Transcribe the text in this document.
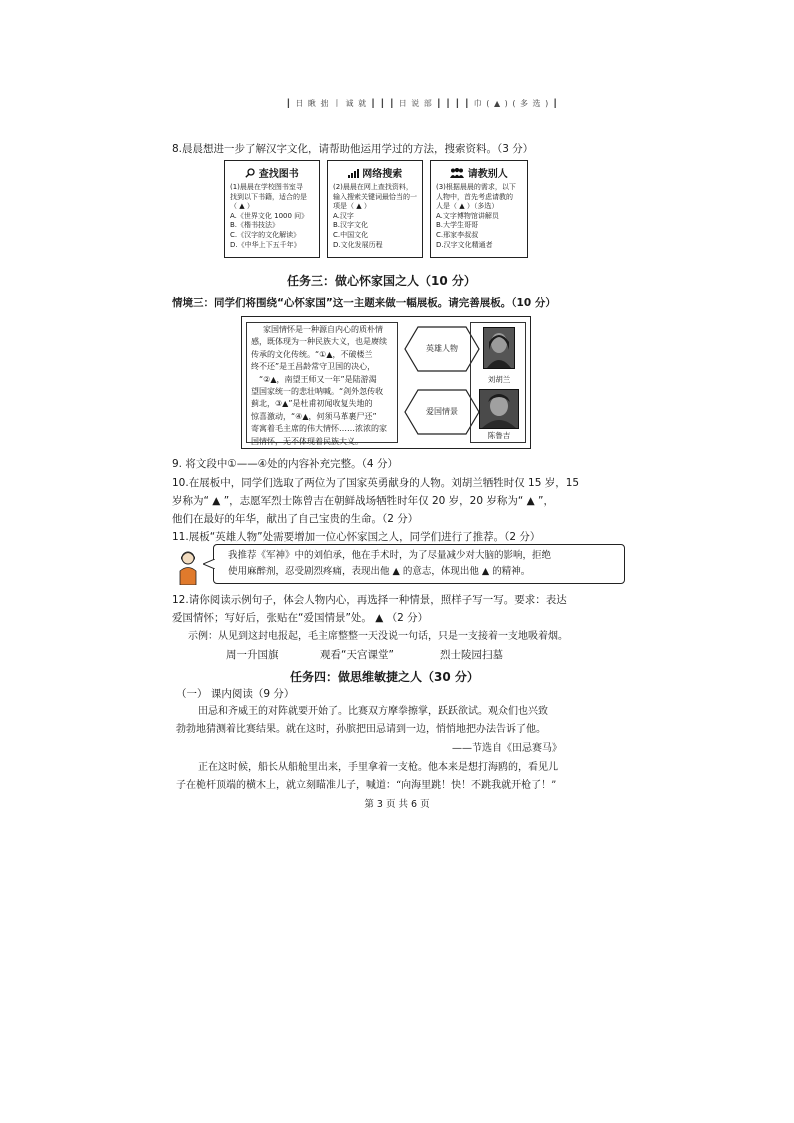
┃ 日 瞅 拙 丨 诚 就 ┃ ┃ ┃ 日 说 部 ┃ ┃ ┃ ┃ 巾 ( ▲ ) ( 多 选 ) ┃
8.晨晨想进一步了解汉字文化，请帮助他运用学过的方法，搜索资料。（3 分）
查找图书
(1)晨晨在学校图书室寻
找到以下书籍，适合的是
（ ▲ ）
A.《世界文化 1000 问》
B.《楷书技法》
C.《汉字的文化解读》
D.《中华上下五千年》
网络搜索
(2)晨晨在网上查找资料，
输入搜索关键词最恰当的一
项是（ ▲ ）
A.汉字
B.汉字文化
C.中国文化
D.文化发展历程
请教别人
(3)根据晨晨的需求，以下
人物中，首先考虑请教的
人是（ ▲ ）（多选）
A.文字博物馆讲解员
B.大学生哥哥
C.邢家李叔叔
D.汉字文化精通者
任务三：做心怀家国之人（10 分）
情境三：同学们将围绕“心怀家国”这一主题来做一幅展板。请完善展板。（10 分）
家国情怀是一种源自内心的质朴情
感，既体现为一种民族大义，也是赓续
传承的文化传统。“①▲，不破楼兰
终不还”是王昌龄常守卫国的决心，
“②▲，南望王师又一年”是陆游渴
望国家统一的悲壮呐喊。“剑外忽传收
蓟北，③▲”是杜甫初闻收复失地的
惊喜激动，“④▲，何须马革裹尸还”
寄寓着毛主席的伟大情怀……浓浓的家
国情怀，无不体现着民族大义。
英雄人物
爱国情景
刘胡兰
陈鲁吉
9. 将文段中①——④处的内容补充完整。（4 分）
10.在展板中，同学们选取了两位为了国家英勇献身的人物。刘胡兰牺牲时仅 15 岁，15
岁称为“ ▲ ”，志愿军烈士陈曾吉在朝鲜战场牺牲时年仅 20 岁，20 岁称为“ ▲ ”，
他们在最好的年华，献出了自己宝贵的生命。（2 分）
11.展板“英雄人物”处需要增加一位心怀家国之人，同学们进行了推荐。（2 分）
我推荐《军神》中的刘伯承，他在手术时，为了尽量减少对大脑的影响，拒绝
使用麻醉剂，忍受剧烈疼痛，表现出他 ▲ 的意志，体现出他 ▲ 的精神。
12.请你阅读示例句子，体会人物内心，再选择一种情景，照样子写一写。要求：表达
爱国情怀；写好后，张贴在“爱国情景”处。 ▲ （2 分）
示例：从见到这封电报起，毛主席整整一天没说一句话，只是一支接着一支地吸着烟。
周一升国旗	观看“天宫课堂”	烈士陵园扫墓
任务四：做思维敏捷之人（30 分）
（一） 课内阅读（9 分）
田忌和齐威王的对阵就要开始了。比赛双方摩拳擦掌，跃跃欲试。观众们也兴致
勃勃地猜测着比赛结果。就在这时，孙膑把田忌请到一边，悄悄地把办法告诉了他。
——节选自《田忌赛马》
正在这时候，船长从船舱里出来，手里拿着一支枪。他本来是想打海鸥的，看见儿
子在桅杆顶端的横木上，就立刻瞄准儿子，喊道：“向海里跳！快！不跳我就开枪了！”
第 3 页 共 6 页
